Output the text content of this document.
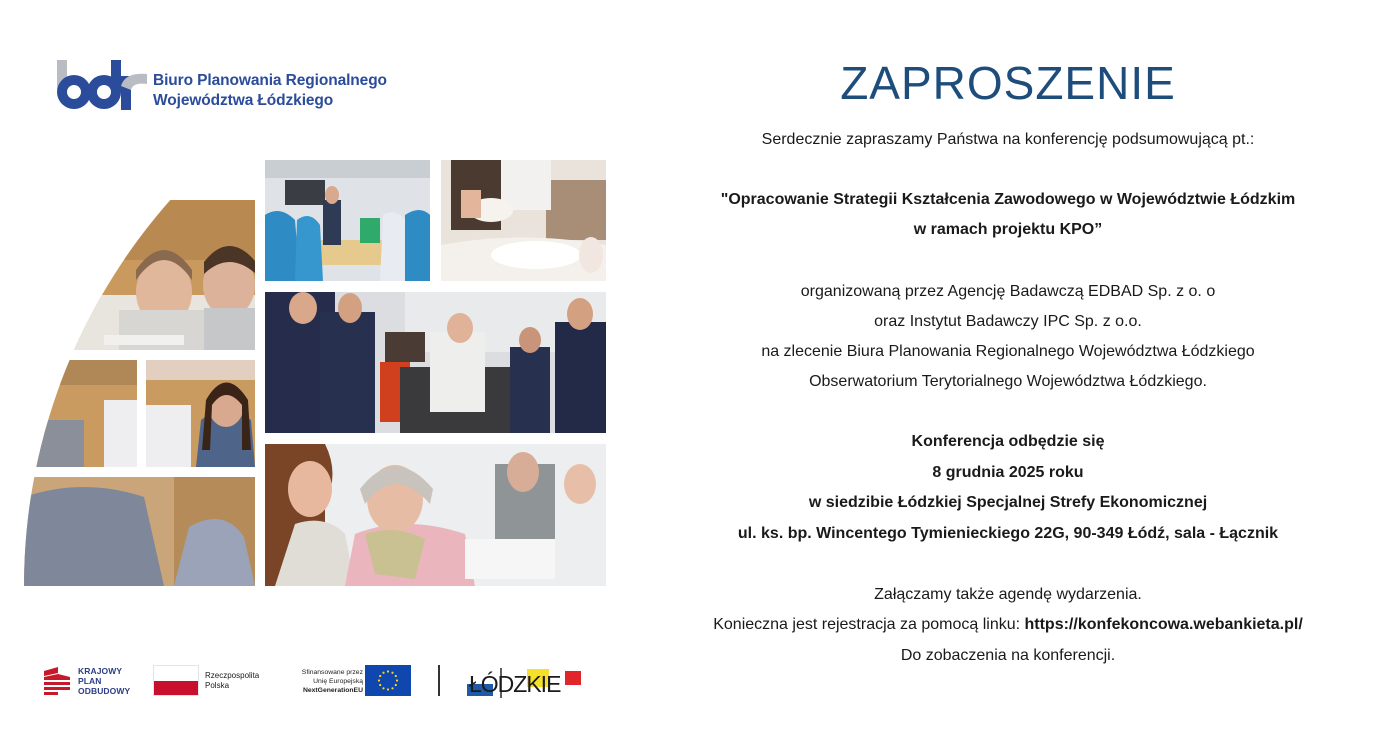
Biuro Planowania Regionalnego
Województwa Łódzkiego
KRAJOWY
PLAN
ODBUDOWY
Rzeczpospolita
Polska
Sfinansowane przez
Unię Europejską
NextGenerationEU	ŁÓDZKIE
ZAPROSZENIE
Serdecznie zapraszamy Państwa na konferencję podsumowującą pt.:
"Opracowanie Strategii Kształcenia Zawodowego w Województwie Łódzkim
w ramach projektu KPO”
organizowaną przez Agencję Badawczą EDBAD Sp. z o. o
oraz Instytut Badawczy IPC Sp. z o.o.
na zlecenie Biura Planowania Regionalnego Województwa Łódzkiego
Obserwatorium Terytorialnego Województwa Łódzkiego.
Konferencja odbędzie się
8 grudnia 2025 roku
w siedzibie Łódzkiej Specjalnej Strefy Ekonomicznej
ul. ks. bp. Wincentego Tymienieckiego 22G, 90-349 Łódź, sala - Łącznik
Załączamy także agendę wydarzenia.
Konieczna jest rejestracja za pomocą linku: https://konfekoncowa.webankieta.pl/
Do zobaczenia na konferencji.
